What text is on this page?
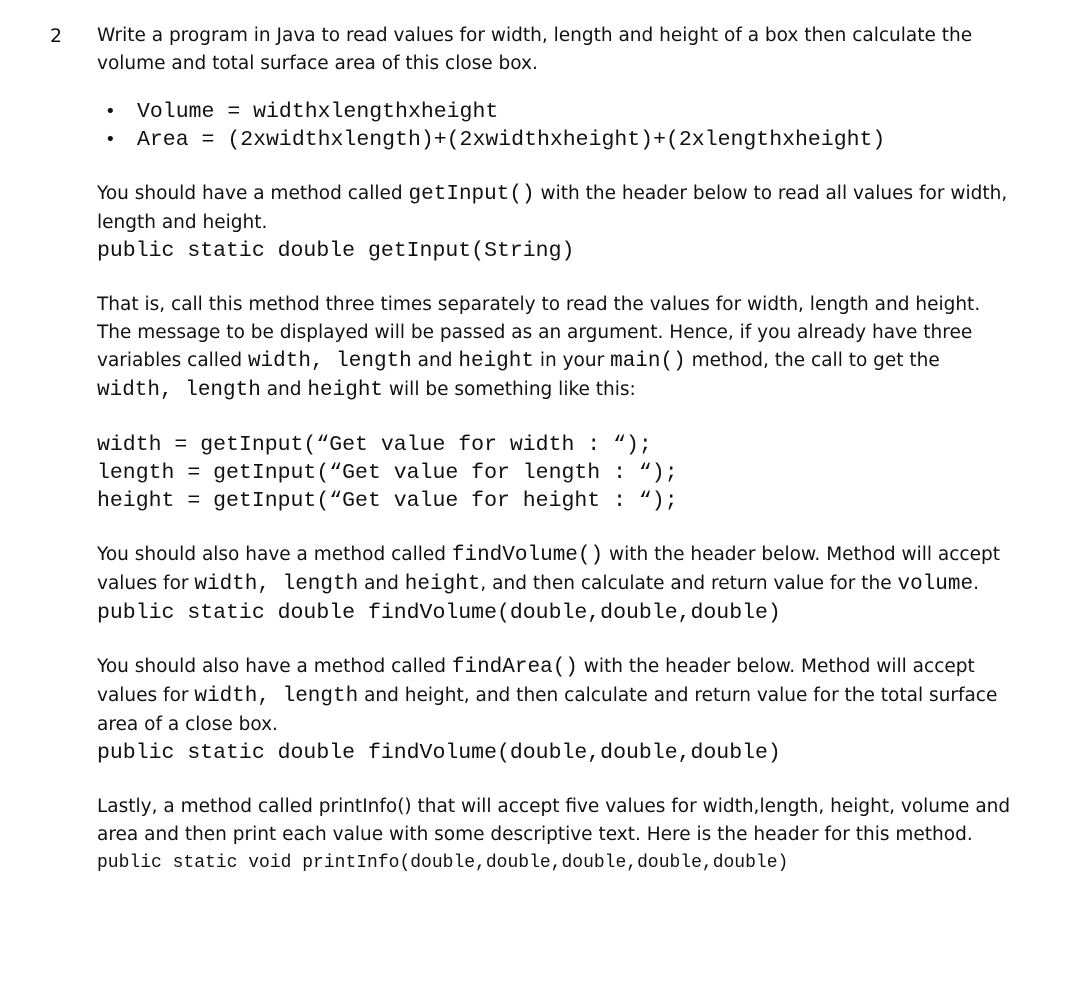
2 Write a program in Java to read values for width, length and height of a box then calculate the volume and total surface area of this close box.

• Volume = widthxlengthxheight
• Area = (2xwidthxlength)+(2xwidthxheight)+(2xlengthxheight)

You should have a method called getInput() with the header below to read all values for width, length and height.

public static double getInput(String)

That is, call this method three times separately to read the values for width, length and height. The message to be displayed will be passed as an argument. Hence, if you already have three variables called width, length and height in your main() method, the call to get the width, length and height will be something like this:

width = getInput(“Get value for width : “);

length = getInput(“Get value for length : “);

height = getInput(“Get value for height : “);

You should also have a method called findVolume() with the header below. Method will accept values for width, length and height, and then calculate and return value for the volume.

public static double findVolume(double,double,double)

You should also have a method called findArea() with the header below. Method will accept values for width, length and height, and then calculate and return value for the total surface area of a close box.

public static double findVolume(double,double,double)

Lastly, a method called printInfo() that will accept five values for width,length, height, volume and area and then print each value with some descriptive text. Here is the header for this method.

public static void printInfo(double,double,double,double,double)
